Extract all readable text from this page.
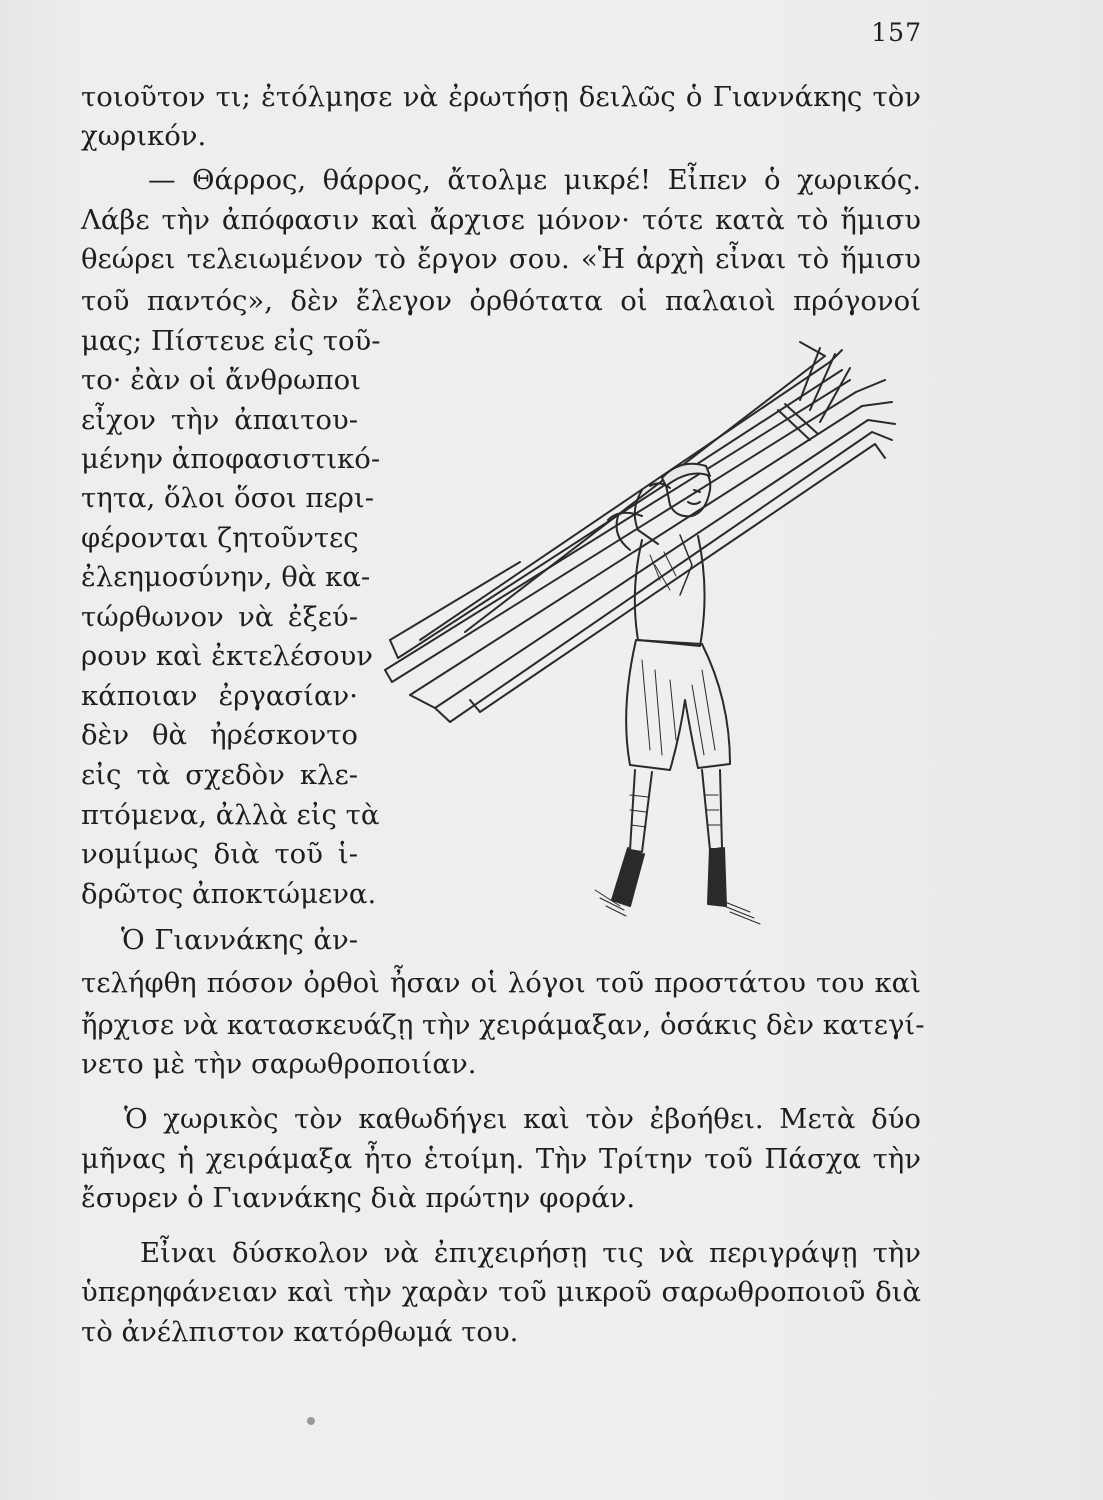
157
τοιοῦτον τι; ἐτόλμησε νὰ ἐρωτήσῃ δειλῶς ὁ Γιαννάκης τὸν
χωρικόν.
— Θάρρος, θάρρος, ἄτολμε μικρέ! Εἶπεν ὁ χωρικός.
Λάβε τὴν ἀπόφασιν καὶ ἄρχισε μόνον· τότε κατὰ τὸ ἥμισυ
θεώρει τελειωμένον τὸ ἔργον σου. «Ἡ ἀρχὴ εἶναι τὸ ἥμισυ
τοῦ παντός», δὲν ἔλεγον ὀρθότατα οἱ παλαιοὶ πρόγονοί
μας; Πίστευε εἰς τοῦ-
το· ἐὰν οἱ ἄνθρωποι
εἶχον τὴν ἀπαιτου-
μένην ἀποφασιστικό-
τητα, ὅλοι ὅσοι περι-
φέρονται ζητοῦντες
ἐλεημοσύνην, θὰ κα-
τώρθωνον νὰ ἐξεύ-
ρουν καὶ ἐκτελέσουν
κάποιαν ἐργασίαν·
δὲν θὰ ἠρέσκοντο
εἰς τὰ σχεδὸν κλε-
πτόμενα, ἀλλὰ εἰς τὰ
νομίμως διὰ τοῦ ἱ-
δρῶτος ἀποκτώμενα.
Ὁ Γιαννάκης ἀν-
τελήφθη πόσον ὀρθοὶ ἦσαν οἱ λόγοι τοῦ προστάτου του καὶ
ἤρχισε νὰ κατασκευάζῃ τὴν χειράμαξαν, ὁσάκις δὲν κατεγί-
νετο μὲ τὴν σαρωθροποιίαν.
Ὁ χωρικὸς τὸν καθωδήγει καὶ τὸν ἐβοήθει. Μετὰ δύο
μῆνας ἡ χειράμαξα ἦτο ἑτοίμη. Τὴν Τρίτην τοῦ Πάσχα τὴν
ἔσυρεν ὁ Γιαννάκης διὰ πρώτην φοράν.
Εἶναι δύσκολον νὰ ἐπιχειρήσῃ τις νὰ περιγράψῃ τὴν
ὑπερηφάνειαν καὶ τὴν χαρὰν τοῦ μικροῦ σαρωθροποιοῦ διὰ
τὸ ἀνέλπιστον κατόρθωμά του.
